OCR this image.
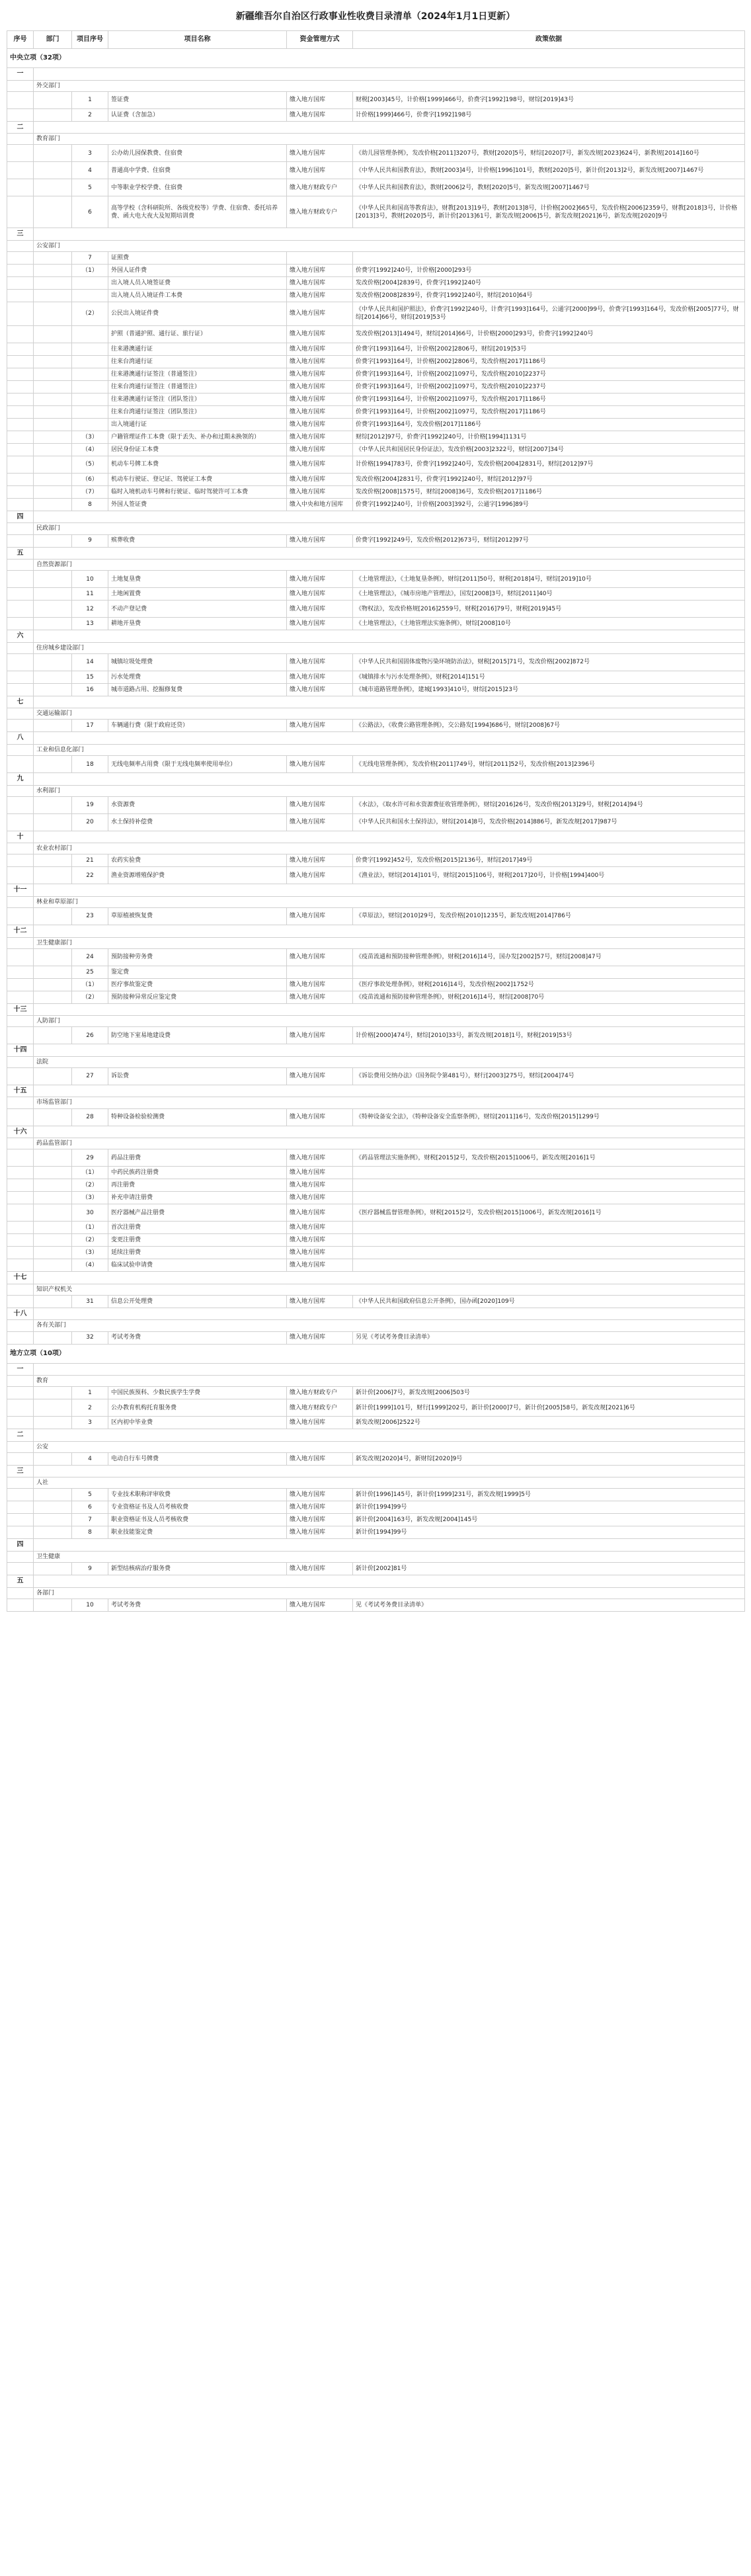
新疆维吾尔自治区行政事业性收费目录清单（2024年1月1日更新）
序号	部门	项目序号	项目名称	资金管理方式	政策依据
中央立项（32项）					
一					
	外交部门				
		1	签证费	缴入地方国库	财税[2003]45号，计价格[1999]466号，价费字[1992]198号，财综[2019]43号
		2	认证费（含加急）	缴入地方国库	计价格[1999]466号，价费字[1992]198号
二					
	教育部门				
		3	公办幼儿园保教费、住宿费	缴入地方国库	《幼儿园管理条例》，发改价格[2011]3207号，教财[2020]5号，财综[2020]7号，新发改规[2023]624号，新教规[2014]160号
		4	普通高中学费、住宿费	缴入地方国库	《中华人民共和国教育法》，教财[2003]4号，计价格[1996]101号，教财[2020]5号，新计价[2013]2号，新发改规[2007]1467号
		5	中等职业学校学费、住宿费	缴入地方财政专户	《中华人民共和国教育法》，教财[2006]2号，教财[2020]5号，新发改规[2007]1467号
		6	高等学校（含科研院所、各级党校等）学费、住宿费、委托培养费、函大电大夜大及短期培训费	缴入地方财政专户	《中华人民共和国高等教育法》，财教[2013]19号，教财[2013]8号，计价格[2002]665号，发改价格[2006]2359号，财教[2018]3号，计价格[2013]3号，教财[2020]5号，新计价[2013]61号，新发改规[2006]5号，新发改规[2021]6号，新发改规[2020]9号
三					
	公安部门				
		7	证照费		
		（1）	外国人证件费	缴入地方国库	价费字[1992]240号，计价格[2000]293号
			出入境人员入境签证费	缴入地方国库	发改价格[2004]2839号，价费字[1992]240号
			出入境人员入境证件工本费	缴入地方国库	发改价格[2008]2839号，价费字[1992]240号，财综[2010]64号
		（2）	公民出入境证件费	缴入地方国库	《中华人民共和国护照法》，价费字[1992]240号，计费字[1993]164号，公通字[2000]99号，价费字[1993]164号，发改价格[2005]77号，财综[2014]66号，财综[2019]53号
			护照（普通护照、通行证、旅行证）	缴入地方国库	发改价格[2013]1494号，财综[2014]66号，计价格[2000]293号，价费字[1992]240号
			往来港澳通行证	缴入地方国库	价费字[1993]164号，计价格[2002]2806号，财综[2019]53号
			往来台湾通行证	缴入地方国库	价费字[1993]164号，计价格[2002]2806号，发改价格[2017]1186号
			往来港澳通行证签注（普通签注）	缴入地方国库	价费字[1993]164号，计价格[2002]1097号，发改价格[2010]2237号
			往来台湾通行证签注（普通签注）	缴入地方国库	价费字[1993]164号，计价格[2002]1097号，发改价格[2010]2237号
			往来港澳通行证签注（团队签注）	缴入地方国库	价费字[1993]164号，计价格[2002]1097号，发改价格[2017]1186号
			往来台湾通行证签注（团队签注）	缴入地方国库	价费字[1993]164号，计价格[2002]1097号，发改价格[2017]1186号
			出入境通行证	缴入地方国库	价费字[1993]164号，发改价格[2017]1186号
		（3）	户籍管理证件工本费（限于丢失、补办和过期未换领的）	缴入地方国库	财综[2012]97号，价费字[1992]240号，计价格[1994]1131号
		（4）	居民身份证工本费	缴入地方国库	《中华人民共和国居民身份证法》，发改价格[2003]2322号，财综[2007]34号
		（5）	机动车号牌工本费	缴入地方国库	计价格[1994]783号，价费字[1992]240号，发改价格[2004]2831号，财综[2012]97号
		（6）	机动车行驶证、登记证、驾驶证工本费	缴入地方国库	发改价格[2004]2831号，价费字[1992]240号，财综[2012]97号
		（7）	临时入境机动车号牌和行驶证、临时驾驶许可工本费	缴入地方国库	发改价格[2008]1575号，财综[2008]36号，发改价格[2017]1186号
		8	外国人签证费	缴入中央和地方国库	价费字[1992]240号，计价格[2003]392号，公通字[1996]89号
四					
	民政部门				
		9	殡葬收费	缴入地方国库	价费字[1992]249号，发改价格[2012]673号，财综[2012]97号
五					
	自然资源部门				
		10	土地复垦费	缴入地方国库	《土地管理法》，《土地复垦条例》，财综[2011]50号，财税[2018]4号，财综[2019]10号
		11	土地闲置费	缴入地方国库	《土地管理法》，《城市房地产管理法》，国发[2008]3号，财综[2011]40号
		12	不动产登记费	缴入地方国库	《物权法》，发改价格规[2016]2559号，财税[2016]79号，财税[2019]45号
		13	耕地开垦费	缴入地方国库	《土地管理法》，《土地管理法实施条例》，财综[2008]10号
六					
	住房城乡建设部门				
		14	城镇垃圾处理费	缴入地方国库	《中华人民共和国固体废物污染环境防治法》，财税[2015]71号，发改价格[2002]872号
		15	污水处理费	缴入地方国库	《城镇排水与污水处理条例》，财税[2014]151号
		16	城市道路占用、挖掘修复费	缴入地方国库	《城市道路管理条例》，建城[1993]410号，财综[2015]23号
七					
	交通运输部门				
		17	车辆通行费（限于政府还贷）	缴入地方国库	《公路法》，《收费公路管理条例》，交公路发[1994]686号，财综[2008]67号
八					
	工业和信息化部门				
		18	无线电频率占用费（限于无线电频率使用单位）	缴入地方国库	《无线电管理条例》，发改价格[2011]749号，财综[2011]52号，发改价格[2013]2396号
九					
	水利部门				
		19	水资源费	缴入地方国库	《水法》，《取水许可和水资源费征收管理条例》，财综[2016]26号，发改价格[2013]29号，财税[2014]94号
		20	水土保持补偿费	缴入地方国库	《中华人民共和国水土保持法》，财综[2014]8号，发改价格[2014]886号，新发改规[2017]987号
十					
	农业农村部门				
		21	农药实验费	缴入地方国库	价费字[1992]452号，发改价格[2015]2136号，财综[2017]49号
		22	渔业资源增殖保护费	缴入地方国库	《渔业法》，财综[2014]101号，财综[2015]106号，财税[2017]20号，计价格[1994]400号
十一					
	林业和草原部门				
		23	草原植被恢复费	缴入地方国库	《草原法》，财综[2010]29号，发改价格[2010]1235号，新发改规[2014]786号
十二					
	卫生健康部门				
		24	预防接种劳务费	缴入地方国库	《疫苗流通和预防接种管理条例》，财税[2016]14号，国办发[2002]57号，财综[2008]47号
		25	鉴定费		
		（1）	医疗事故鉴定费	缴入地方国库	《医疗事故处理条例》，财税[2016]14号，发改价格[2002]1752号
		（2）	预防接种异常反应鉴定费	缴入地方国库	《疫苗流通和预防接种管理条例》，财税[2016]14号，财综[2008]70号
十三					
	人防部门				
		26	防空地下室易地建设费	缴入地方国库	计价格[2000]474号，财综[2010]33号，新发改规[2018]1号，财税[2019]53号
十四					
	法院				
		27	诉讼费	缴入地方国库	《诉讼费用交纳办法》（国务院令第481号），财行[2003]275号，财综[2004]74号
十五					
	市场监管部门				
		28	特种设备检验检测费	缴入地方国库	《特种设备安全法》，《特种设备安全监察条例》，财综[2011]16号，发改价格[2015]1299号
十六					
	药品监管部门				
		29	药品注册费	缴入地方国库	《药品管理法实施条例》，财税[2015]2号，发改价格[2015]1006号，新发改规[2016]1号
		（1）	中药民族药注册费	缴入地方国库	
		（2）	再注册费	缴入地方国库	
		（3）	补充申请注册费	缴入地方国库	
		30	医疗器械产品注册费	缴入地方国库	《医疗器械监督管理条例》，财税[2015]2号，发改价格[2015]1006号，新发改规[2016]1号
		（1）	首次注册费	缴入地方国库	
		（2）	变更注册费	缴入地方国库	
		（3）	延续注册费	缴入地方国库	
		（4）	临床试验申请费	缴入地方国库	
十七					
	知识产权机关				
		31	信息公开处理费	缴入地方国库	《中华人民共和国政府信息公开条例》，国办函[2020]109号
十八					
	各有关部门				
		32	考试考务费	缴入地方国库	另见《考试考务费目录清单》
地方立项（10项）					
一					
	教育				
		1	中国民族预科、少数民族学生学费	缴入地方财政专户	新计价[2006]7号，新发改规[2006]503号
		2	公办教育机构托育服务费	缴入地方财政专户	新计价[1999]101号，财行[1999]202号，新计价[2000]7号，新计价[2005]58号，新发改规[2021]6号
		3	区内初中毕业费	缴入地方国库	新发改规[2006]2522号
二					
	公安				
		4	电动自行车号牌费	缴入地方国库	新发改规[2020]4号，新财综[2020]9号
三					
	人社				
		5	专业技术职称评审收费	缴入地方国库	新计价[1996]145号，新计价[1999]231号，新发改规[1999]5号
		6	专业资格证书及人员考核收费	缴入地方国库	新计价[1994]99号
		7	职业资格证书及人员考核收费	缴入地方国库	新计价[2004]163号，新发改规[2004]145号
		8	职业技能鉴定费	缴入地方国库	新计价[1994]99号
四					
	卫生健康				
		9	新型结核病治疗服务费	缴入地方国库	新计价[2002]81号
五					
	各部门				
		10	考试考务费	缴入地方国库	见《考试考务费目录清单》
